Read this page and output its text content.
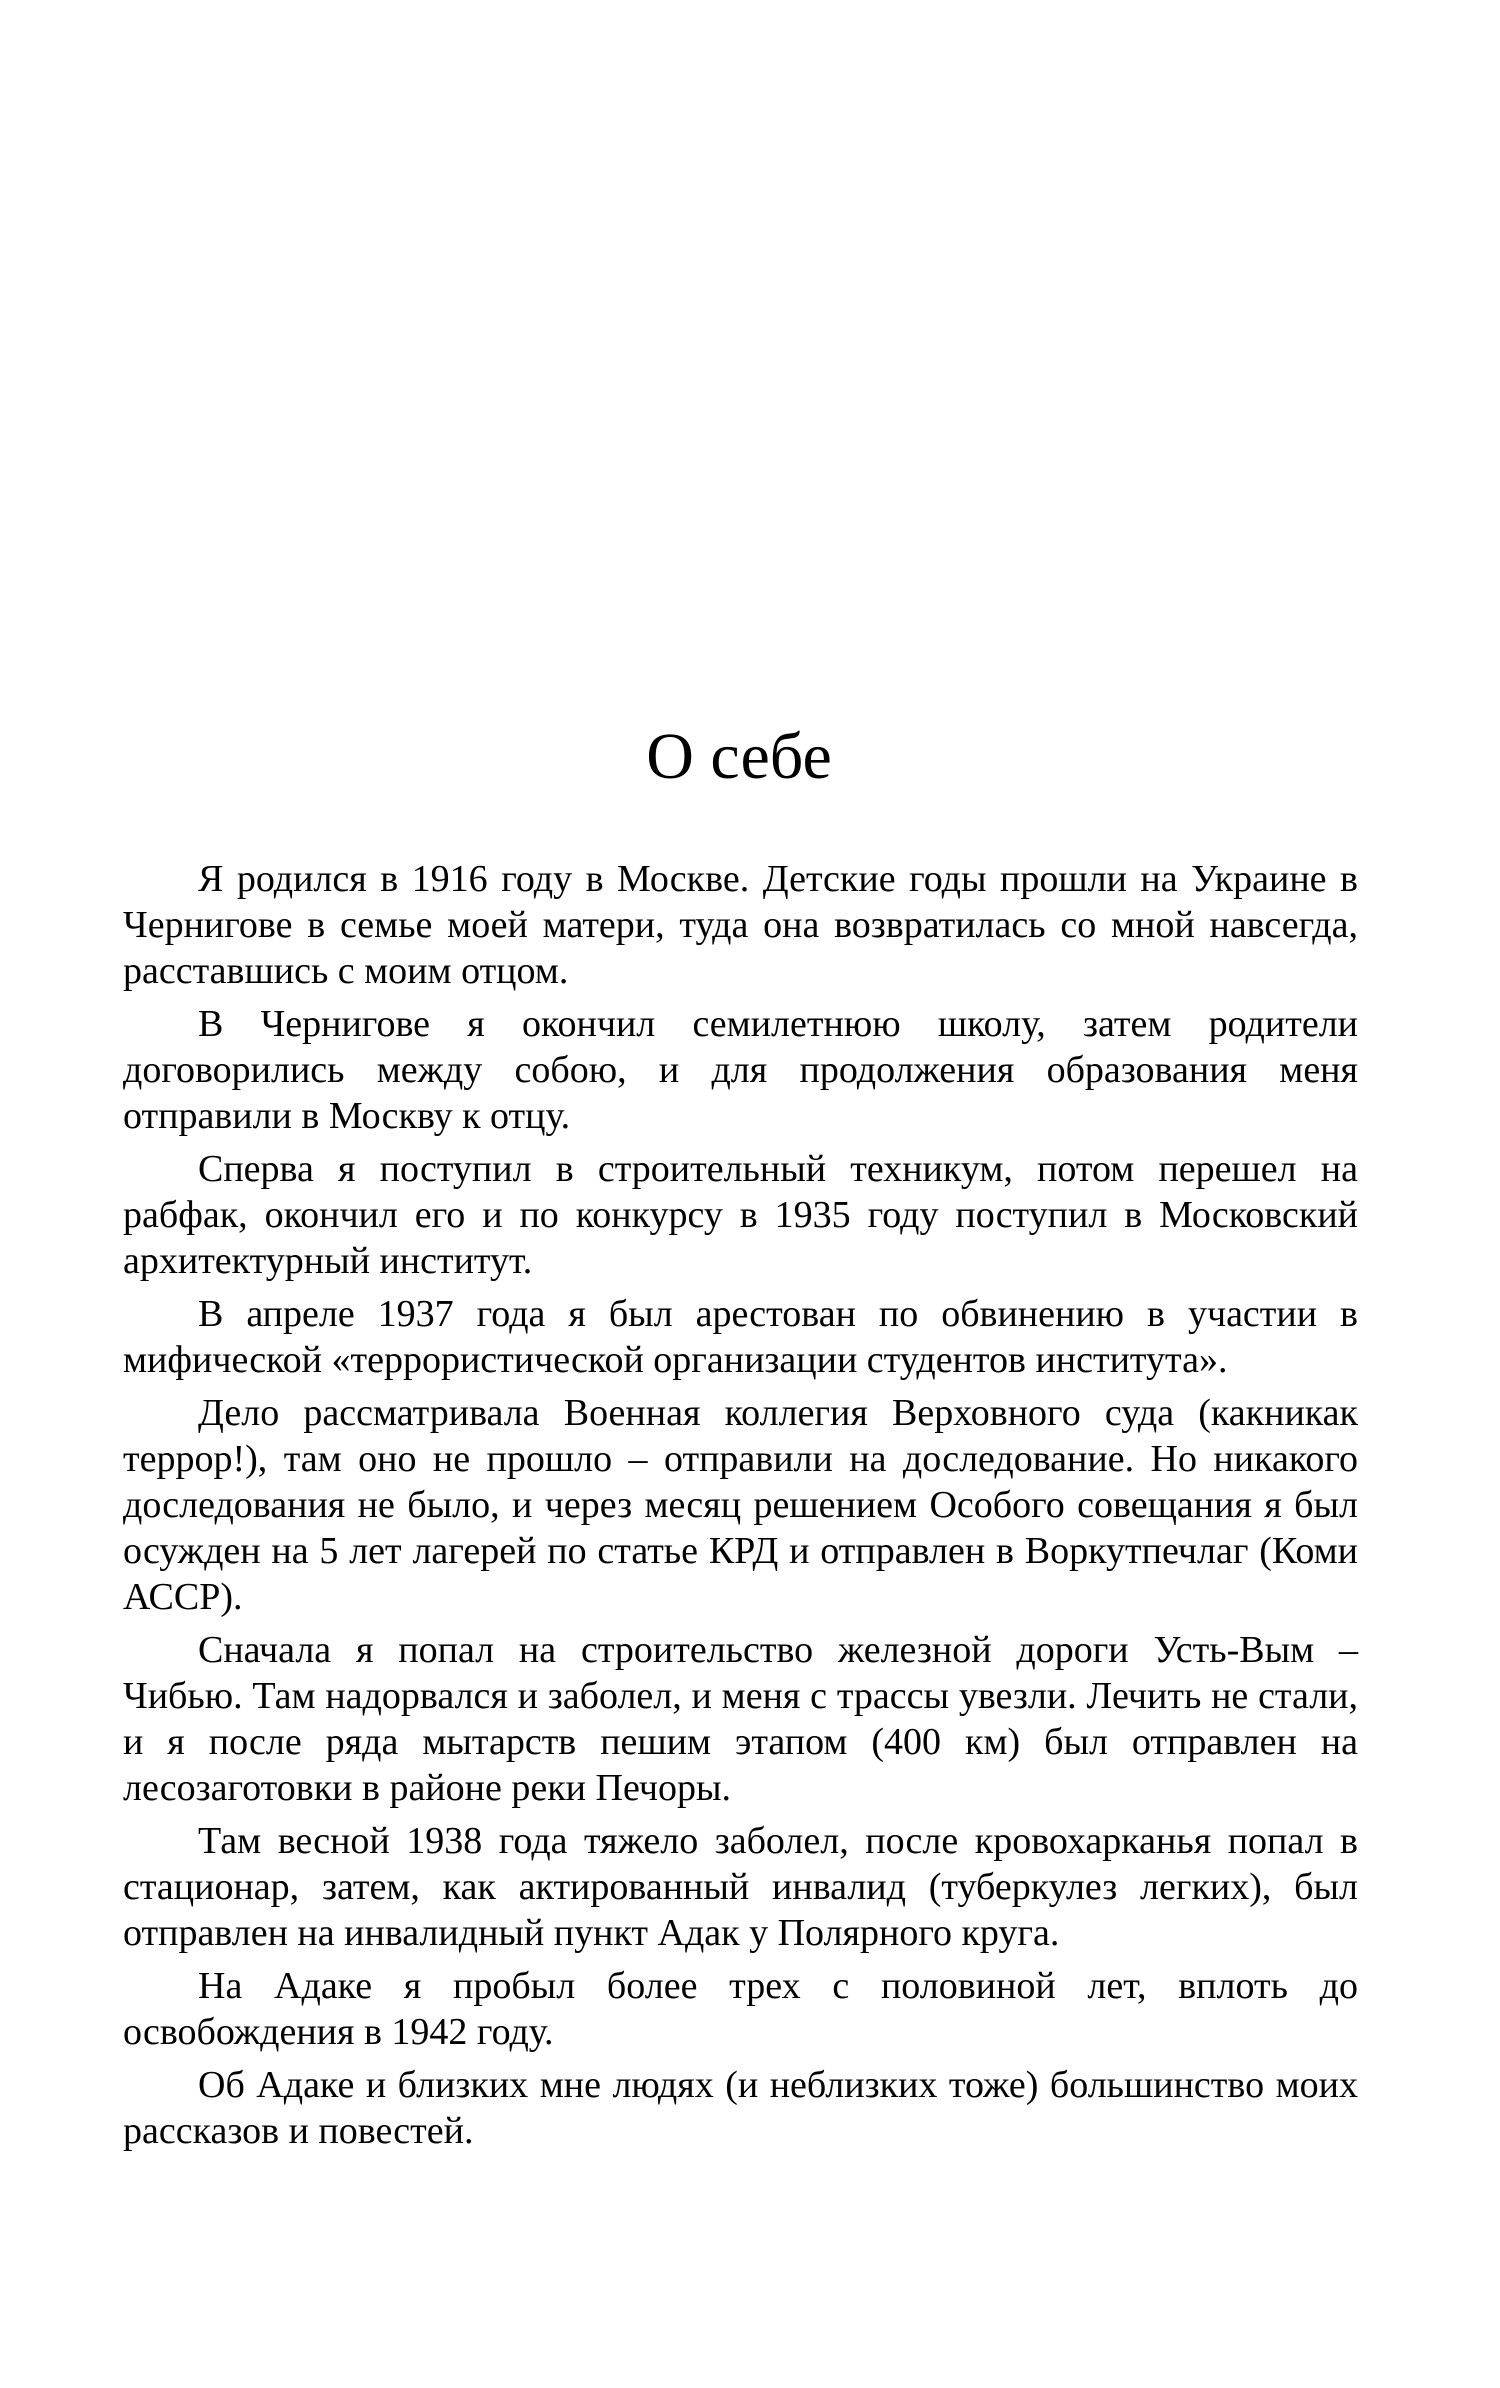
О себе

Я родился в 1916 году в Москве. Детские годы прошли на Украине в Чернигове в семье моей матери, туда она возвратилась со мной навсегда, расставшись с моим отцом.

В Чернигове я окончил семилетнюю школу, затем родители договорились между собою, и для продолжения образования меня отправили в Москву к отцу.

Сперва я поступил в строительный техникум, потом перешел на рабфак, окончил его и по конкурсу в 1935 году поступил в Московский архитектурный институт.

В апреле 1937 года я был арестован по обвинению в участии в мифической «террористической организации студентов института».

Дело рассматривала Военная коллегия Верховного суда (какникак террор!), там оно не прошло – отправили на доследование. Но никакого доследования не было, и через месяц решением Особого совещания я был осужден на 5 лет лагерей по статье КРД и отправлен в Воркутпечлаг (Коми АССР).

Сначала я попал на строительство железной дороги Усть-Вым – Чибью. Там надорвался и заболел, и меня с трассы увезли. Лечить не стали, и я после ряда мытарств пешим этапом (400 км) был отправлен на лесозаготовки в районе реки Печоры.

Там весной 1938 года тяжело заболел, после кровохарканья попал в стационар, затем, как актированный инвалид (туберкулез легких), был отправлен на инвалидный пункт Адак у Полярного круга.

На Адаке я пробыл более трех с половиной лет, вплоть до освобождения в 1942 году.

Об Адаке и близких мне людях (и неблизких тоже) большинство моих рассказов и повестей.
